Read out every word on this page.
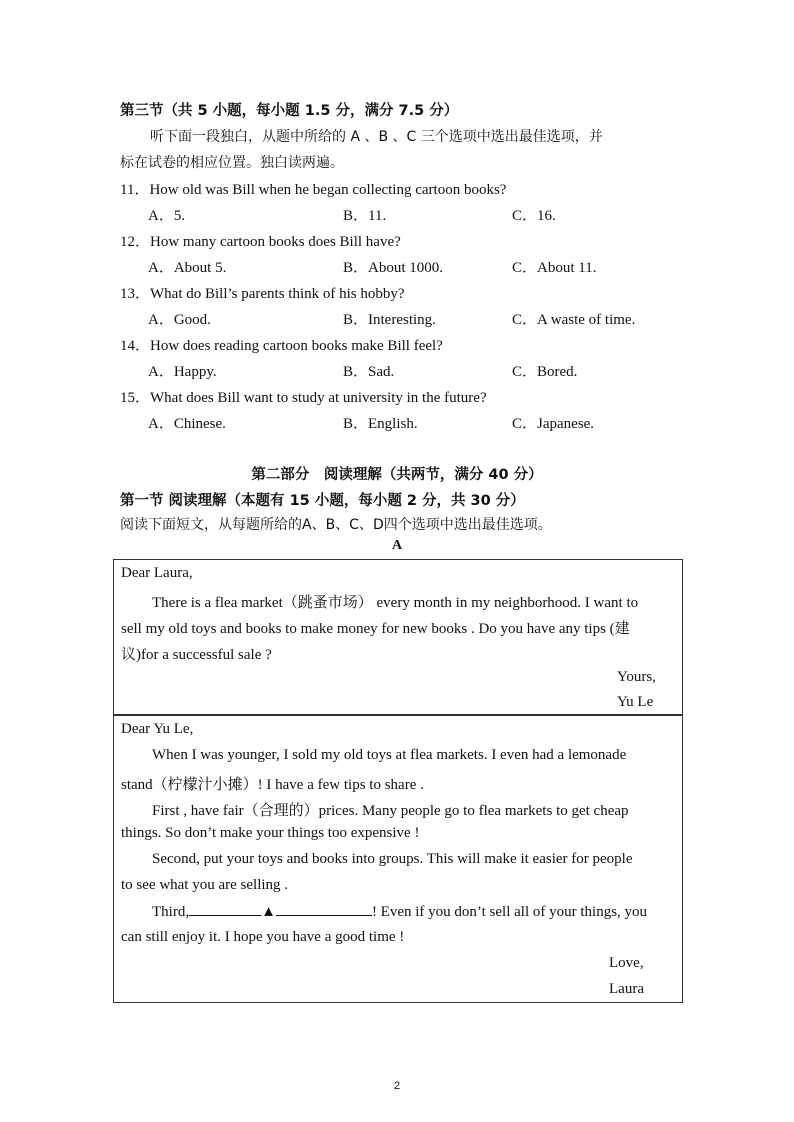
第三节（共 5 小题，每小题 1.5 分，满分 7.5 分）
听下面一段独白，从题中所给的 A 、B 、C 三个选项中选出最佳选项，并
标在试卷的相应位置。独白读两遍。
11．How old was Bill when he began collecting cartoon books?
A．5.	B．11.	C．16.
12．How many cartoon books does Bill have?
A．About 5.	B．About 1000.	C．About 11.
13．What do Bill’s parents think of his hobby?
A．Good.	B．Interesting.	C．A waste of time.
14．How does reading cartoon books make Bill feel?
A．Happy.	B．Sad.	C．Bored.
15．What does Bill want to study at university in the future?
A．Chinese.	B．English.	C．Japanese.
第二部分　阅读理解（共两节，满分 40 分）
第一节 阅读理解（本题有 15 小题，每小题 2 分，共 30 分）
阅读下面短文，从每题所给的A、B、C、D四个选项中选出最佳选项。
A
Dear Laura,
There is a flea market（跳蚤市场） every month in my neighborhood. I want to
sell my old toys and books to make money for new books . Do you have any tips (建
议)for a successful sale ?
Yours,
Yu Le
Dear Yu Le,
When I was younger, I sold my old toys at flea markets. I even had a lemonade
stand（柠檬汁小摊）! I have a few tips to share .
First , have fair（合理的）prices. Many people go to flea markets to get cheap
things. So don’t make your things too expensive !
Second, put your toys and books into groups. This will make it easier for people
to see what you are selling .
Third,	▲	! Even if you don’t sell all of your things, you
can still enjoy it. I hope you have a good time !
Love,
Laura
2
